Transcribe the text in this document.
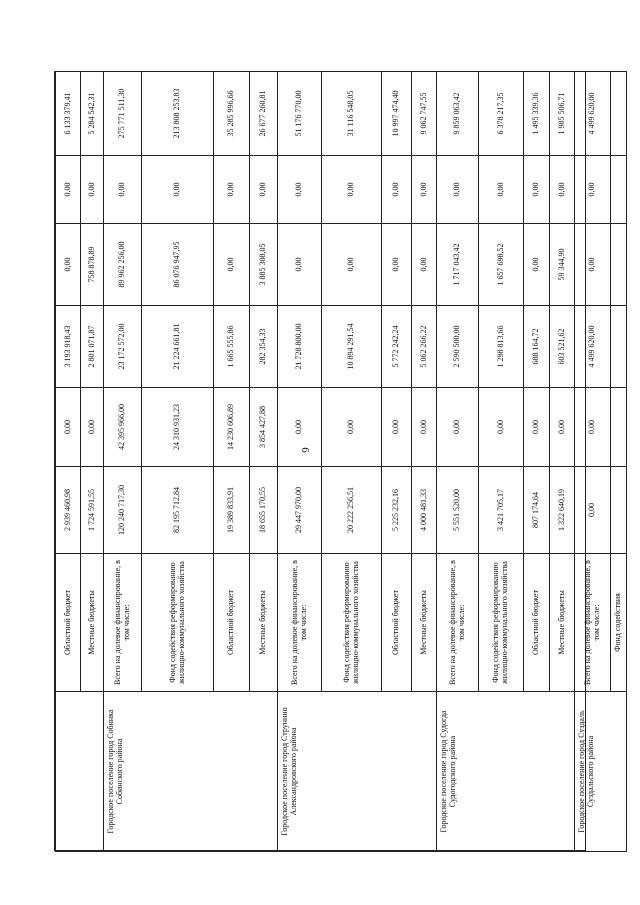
6
	Областной бюджет	2 939 460,98	0,00	3 193 918,43	0,00	0,00	6 133 379,41
	Местные бюджеты	1 724 591,55	0,00	2 801 071,87	758 878,89	0,00	5 284 542,31
Городское поселение город Собинка Собинского района	Всего на долевое финансирование, в том числе:	120 240 717,30	42 395 966,00	23 172 572,00	89 962 256,00	0,00	275 771 511,30
	Фонд содействия реформированию жилищно-коммунального хозяйства	82 195 712,84	24 310 931,23	21 224 661,81	86 076 947,95	0,00	213 808 253,83
	Областной бюджет	19 389 833,91	14 230 606,89	1 665 555,86	0,00	0,00	35 285 996,66
	Местные бюджеты	18 655 170,55	3 854 427,88	282 354,33	3 885 308,05	0,00	26 677 260,81
Городское поселение город Струнино Александровского района	Всего на долевое финансирование, в том числе:	29 447 970,00	0,00	21 728 800,00	0,00	0,00	51 176 770,00
	Фонд содействия реформированию жилищно-коммунального хозяйства	20 222 256,51	0,00	10 894 291,54	0,00	0,00	31 116 548,05
	Областной бюджет	5 225 232,16	0,00	5 772 242,24	0,00	0,00	10 997 474,40
	Местные бюджеты	4 000 481,33	0,00	5 062 266,22	0,00	0,00	9 062 747,55
Городское поселение город Судогда Судогодского района	Всего на долевое финансирование, в том числе:	5 551 520,00	0,00	2 590 500,00	1 717 043,42	0,00	9 859 063,42
	Фонд содействия реформированию жилищно-коммунального хозяйства	3 421 705,17	0,00	1 298 813,66	1 657 698,52	0,00	6 378 217,35
	Областной бюджет	807 174,64	0,00	688 164,72	0,00	0,00	1 495 339,36
	Местные бюджеты	1 322 640,19	0,00	603 521,62	59 344,90	0,00	1 985 506,71
Городское поселение город Суздаль Суздальского района	Всего на долевое финансирование, в том числе:	0,00	0,00	4 499 620,00	0,00	0,00	4 499 620,00
	Фонд содействия						
